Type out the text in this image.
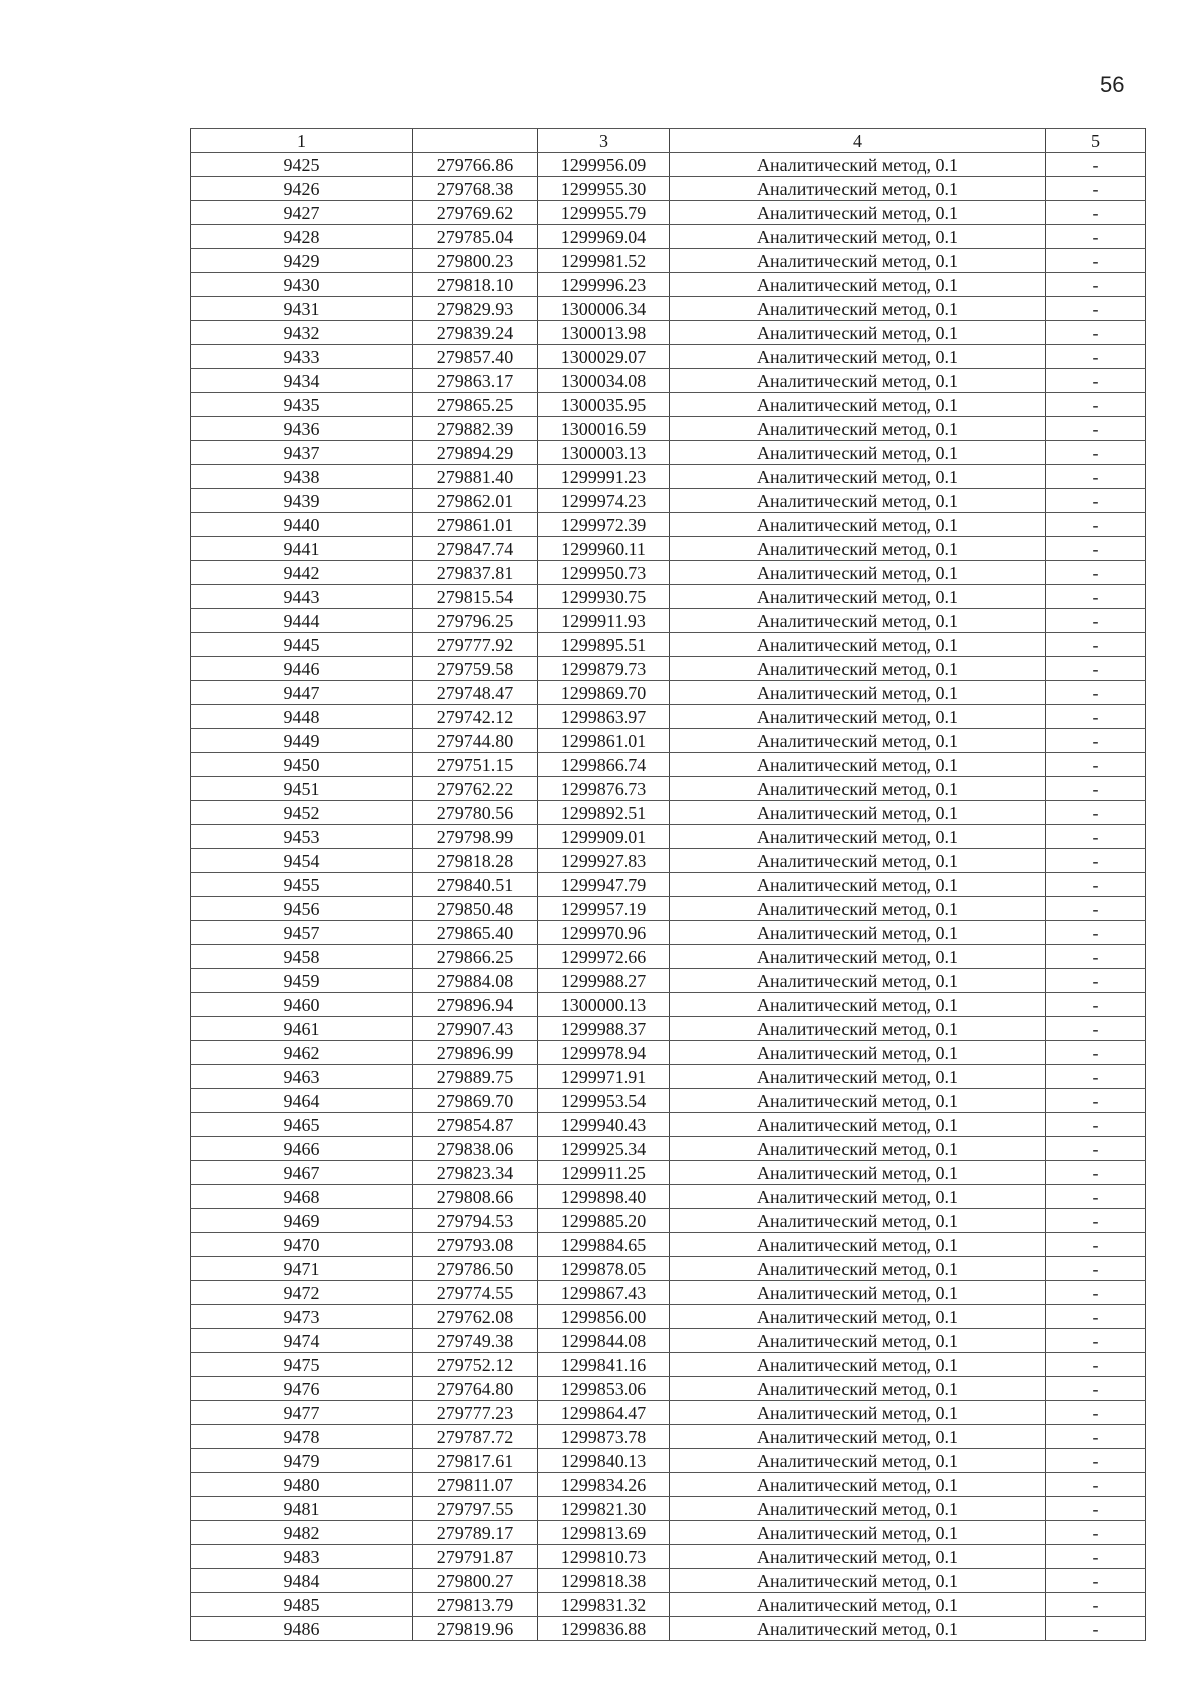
56
1		3	4	5
9425	279766.86	1299956.09	Аналитический метод, 0.1	-
9426	279768.38	1299955.30	Аналитический метод, 0.1	-
9427	279769.62	1299955.79	Аналитический метод, 0.1	-
9428	279785.04	1299969.04	Аналитический метод, 0.1	-
9429	279800.23	1299981.52	Аналитический метод, 0.1	-
9430	279818.10	1299996.23	Аналитический метод, 0.1	-
9431	279829.93	1300006.34	Аналитический метод, 0.1	-
9432	279839.24	1300013.98	Аналитический метод, 0.1	-
9433	279857.40	1300029.07	Аналитический метод, 0.1	-
9434	279863.17	1300034.08	Аналитический метод, 0.1	-
9435	279865.25	1300035.95	Аналитический метод, 0.1	-
9436	279882.39	1300016.59	Аналитический метод, 0.1	-
9437	279894.29	1300003.13	Аналитический метод, 0.1	-
9438	279881.40	1299991.23	Аналитический метод, 0.1	-
9439	279862.01	1299974.23	Аналитический метод, 0.1	-
9440	279861.01	1299972.39	Аналитический метод, 0.1	-
9441	279847.74	1299960.11	Аналитический метод, 0.1	-
9442	279837.81	1299950.73	Аналитический метод, 0.1	-
9443	279815.54	1299930.75	Аналитический метод, 0.1	-
9444	279796.25	1299911.93	Аналитический метод, 0.1	-
9445	279777.92	1299895.51	Аналитический метод, 0.1	-
9446	279759.58	1299879.73	Аналитический метод, 0.1	-
9447	279748.47	1299869.70	Аналитический метод, 0.1	-
9448	279742.12	1299863.97	Аналитический метод, 0.1	-
9449	279744.80	1299861.01	Аналитический метод, 0.1	-
9450	279751.15	1299866.74	Аналитический метод, 0.1	-
9451	279762.22	1299876.73	Аналитический метод, 0.1	-
9452	279780.56	1299892.51	Аналитический метод, 0.1	-
9453	279798.99	1299909.01	Аналитический метод, 0.1	-
9454	279818.28	1299927.83	Аналитический метод, 0.1	-
9455	279840.51	1299947.79	Аналитический метод, 0.1	-
9456	279850.48	1299957.19	Аналитический метод, 0.1	-
9457	279865.40	1299970.96	Аналитический метод, 0.1	-
9458	279866.25	1299972.66	Аналитический метод, 0.1	-
9459	279884.08	1299988.27	Аналитический метод, 0.1	-
9460	279896.94	1300000.13	Аналитический метод, 0.1	-
9461	279907.43	1299988.37	Аналитический метод, 0.1	-
9462	279896.99	1299978.94	Аналитический метод, 0.1	-
9463	279889.75	1299971.91	Аналитический метод, 0.1	-
9464	279869.70	1299953.54	Аналитический метод, 0.1	-
9465	279854.87	1299940.43	Аналитический метод, 0.1	-
9466	279838.06	1299925.34	Аналитический метод, 0.1	-
9467	279823.34	1299911.25	Аналитический метод, 0.1	-
9468	279808.66	1299898.40	Аналитический метод, 0.1	-
9469	279794.53	1299885.20	Аналитический метод, 0.1	-
9470	279793.08	1299884.65	Аналитический метод, 0.1	-
9471	279786.50	1299878.05	Аналитический метод, 0.1	-
9472	279774.55	1299867.43	Аналитический метод, 0.1	-
9473	279762.08	1299856.00	Аналитический метод, 0.1	-
9474	279749.38	1299844.08	Аналитический метод, 0.1	-
9475	279752.12	1299841.16	Аналитический метод, 0.1	-
9476	279764.80	1299853.06	Аналитический метод, 0.1	-
9477	279777.23	1299864.47	Аналитический метод, 0.1	-
9478	279787.72	1299873.78	Аналитический метод, 0.1	-
9479	279817.61	1299840.13	Аналитический метод, 0.1	-
9480	279811.07	1299834.26	Аналитический метод, 0.1	-
9481	279797.55	1299821.30	Аналитический метод, 0.1	-
9482	279789.17	1299813.69	Аналитический метод, 0.1	-
9483	279791.87	1299810.73	Аналитический метод, 0.1	-
9484	279800.27	1299818.38	Аналитический метод, 0.1	-
9485	279813.79	1299831.32	Аналитический метод, 0.1	-
9486	279819.96	1299836.88	Аналитический метод, 0.1	-
